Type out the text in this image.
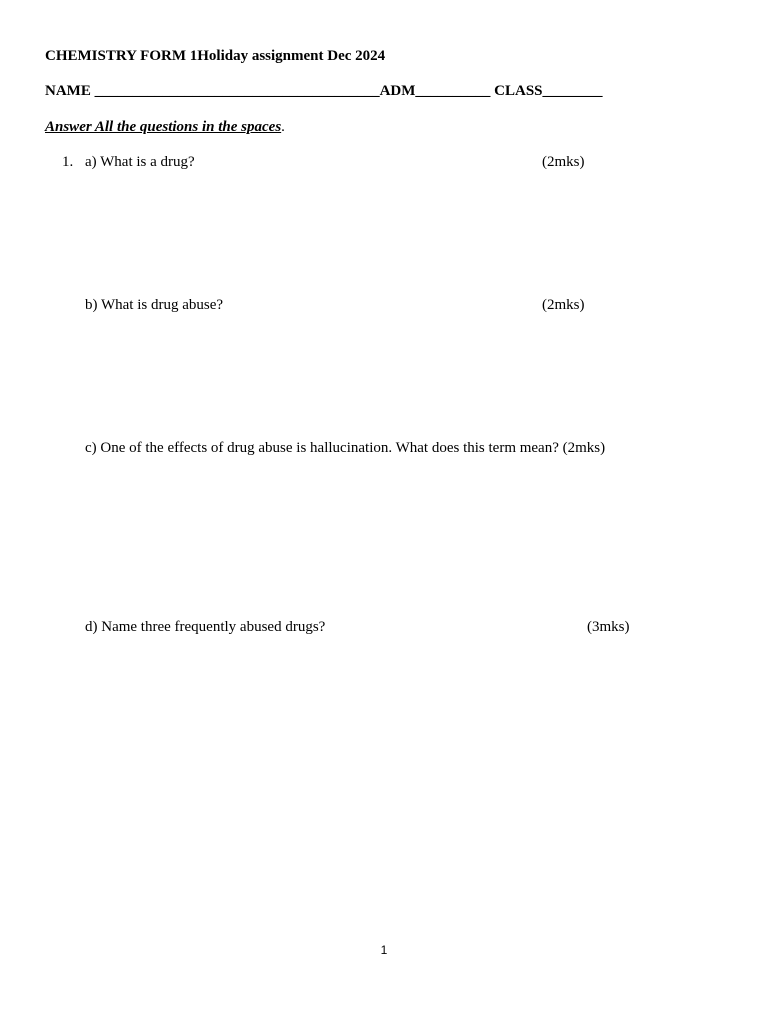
CHEMISTRY FORM 1Holiday assignment Dec 2024
NAME ______________________________________ADM__________ CLASS________
Answer All the questions in the spaces.
1. a) What is a drug?	(2mks)
b) What is drug abuse?	(2mks)
c) One of the effects of drug abuse is hallucination. What does this term mean? (2mks)
d) Name three frequently abused drugs?	(3mks)
1
